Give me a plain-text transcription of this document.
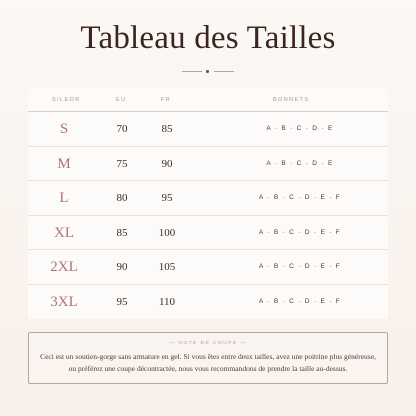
Tableau des Tailles
SILEOR	EU	FR	BONNETS
S	70	85	A · B · C · D · E
M	75	90	A · B · C · D · E
L	80	95	A · B · C · D · E · F
XL	85	100	A · B · C · D · E · F
2XL	90	105	A · B · C · D · E · F
3XL	95	110	A · B · C · D · E · F
— NOTE DE COUPE —

Ceci est un soutien-gorge sans armature en gel. Si vous êtes entre deux tailles, avez une poitrine plus généreuse, ou préférez une coupe décontractée, nous vous recommandons de prendre la taille au-dessus.
